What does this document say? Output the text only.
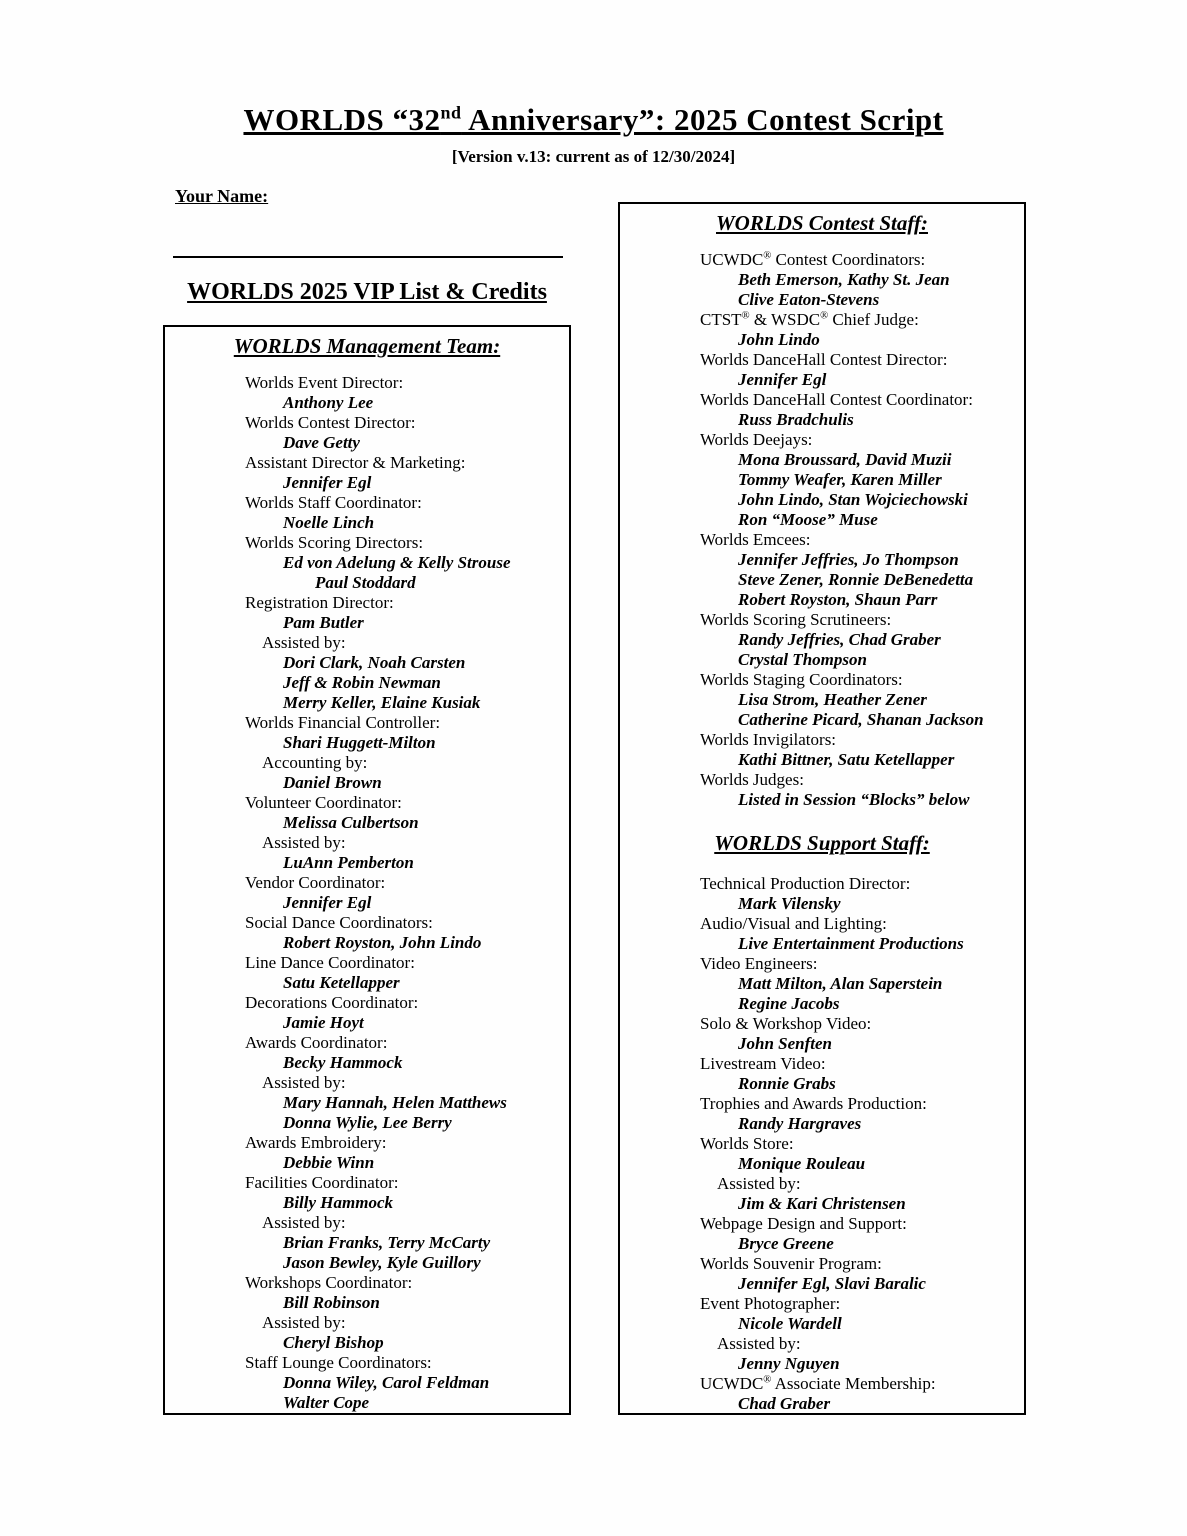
WORLDS “32nd Anniversary”: 2025 Contest Script
[Version v.13: current as of 12/30/2024]
Your Name:
WORLDS 2025 VIP List & Credits
WORLDS Management Team:
Worlds Event Director:
Anthony Lee
Worlds Contest Director:
Dave Getty
Assistant Director & Marketing:
Jennifer Egl
Worlds Staff Coordinator:
Noelle Linch
Worlds Scoring Directors:
Ed von Adelung & Kelly Strouse
Paul Stoddard
Registration Director:
Pam Butler
Assisted by:
Dori Clark, Noah Carsten
Jeff & Robin Newman
Merry Keller, Elaine Kusiak
Worlds Financial Controller:
Shari Huggett-Milton
Accounting by:
Daniel Brown
Volunteer Coordinator:
Melissa Culbertson
Assisted by:
LuAnn Pemberton
Vendor Coordinator:
Jennifer Egl
Social Dance Coordinators:
Robert Royston, John Lindo
Line Dance Coordinator:
Satu Ketellapper
Decorations Coordinator:
Jamie Hoyt
Awards Coordinator:
Becky Hammock
Assisted by:
Mary Hannah, Helen Matthews
Donna Wylie, Lee Berry
Awards Embroidery:
Debbie Winn
Facilities Coordinator:
Billy Hammock
Assisted by:
Brian Franks, Terry McCarty
Jason Bewley, Kyle Guillory
Workshops Coordinator:
Bill Robinson
Assisted by:
Cheryl Bishop
Staff Lounge Coordinators:
Donna Wiley, Carol Feldman
Walter Cope
WORLDS Contest Staff:
UCWDC® Contest Coordinators:
Beth Emerson, Kathy St. Jean
Clive Eaton-Stevens
CTST® & WSDC® Chief Judge:
John Lindo
Worlds DanceHall Contest Director:
Jennifer Egl
Worlds DanceHall Contest Coordinator:
Russ Bradchulis
Worlds Deejays:
Mona Broussard, David Muzii
Tommy Weafer, Karen Miller
John Lindo, Stan Wojciechowski
Ron “Moose” Muse
Worlds Emcees:
Jennifer Jeffries, Jo Thompson
Steve Zener, Ronnie DeBenedetta
Robert Royston, Shaun Parr
Worlds Scoring Scrutineers:
Randy Jeffries, Chad Graber
Crystal Thompson
Worlds Staging Coordinators:
Lisa Strom, Heather Zener
Catherine Picard, Shanan Jackson
Worlds Invigilators:
Kathi Bittner, Satu Ketellapper
Worlds Judges:
Listed in Session “Blocks” below
WORLDS Support Staff:
Technical Production Director:
Mark Vilensky
Audio/Visual and Lighting:
Live Entertainment Productions
Video Engineers:
Matt Milton, Alan Saperstein
Regine Jacobs
Solo & Workshop Video:
John Senften
Livestream Video:
Ronnie Grabs
Trophies and Awards Production:
Randy Hargraves
Worlds Store:
Monique Rouleau
Assisted by:
Jim & Kari Christensen
Webpage Design and Support:
Bryce Greene
Worlds Souvenir Program:
Jennifer Egl, Slavi Baralic
Event Photographer:
Nicole Wardell
Assisted by:
Jenny Nguyen
UCWDC® Associate Membership:
Chad Graber
